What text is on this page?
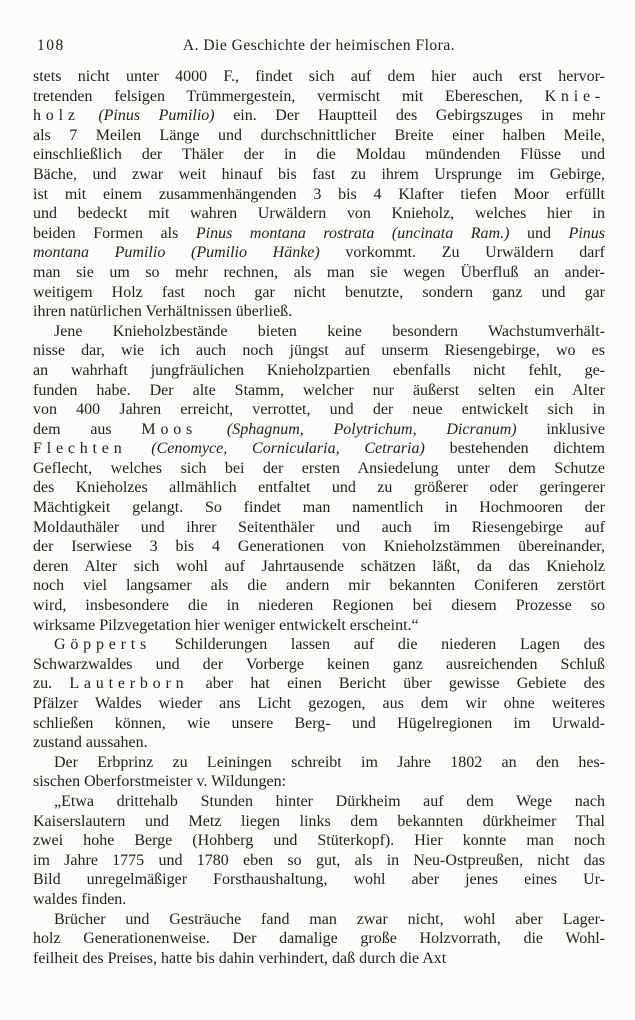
108	A. Die Geschichte der heimischen Flora.
stets nicht unter 4000 F., findet sich auf dem hier auch erst hervor-
tretenden felsigen Trümmergestein, vermischt mit Ebereschen, Knie-
holz (Pinus Pumilio) ein. Der Hauptteil des Gebirgszuges in mehr
als 7 Meilen Länge und durchschnittlicher Breite einer halben Meile,
einschließlich der Thäler der in die Moldau mündenden Flüsse und
Bäche, und zwar weit hinauf bis fast zu ihrem Ursprunge im Gebirge,
ist mit einem zusammenhängenden 3 bis 4 Klafter tiefen Moor erfüllt
und bedeckt mit wahren Urwäldern von Knieholz, welches hier in
beiden Formen als Pinus montana rostrata (uncinata Ram.) und Pinus
montana Pumilio (Pumilio Hänke) vorkommt. Zu Urwäldern darf
man sie um so mehr rechnen, als man sie wegen Überfluß an ander-
weitigem Holz fast noch gar nicht benutzte, sondern ganz und gar
ihren natürlichen Verhältnissen überließ.
Jene Knieholzbestände bieten keine besondern Wachstumverhält-
nisse dar, wie ich auch noch jüngst auf unserm Riesengebirge, wo es
an wahrhaft jungfräulichen Knieholzpartien ebenfalls nicht fehlt, ge-
funden habe. Der alte Stamm, welcher nur äußerst selten ein Alter
von 400 Jahren erreicht, verrottet, und der neue entwickelt sich in
dem aus Moos (Sphagnum, Polytrichum, Dicranum) inklusive
Flechten (Cenomyce, Cornicularia, Cetraria) bestehenden dichtem
Geflecht, welches sich bei der ersten Ansiedelung unter dem Schutze
des Knieholzes allmählich entfaltet und zu größerer oder geringerer
Mächtigkeit gelangt. So findet man namentlich in Hochmooren der
Moldauthäler und ihrer Seitenthäler und auch im Riesengebirge auf
der Iserwiese 3 bis 4 Generationen von Knieholzstämmen übereinander,
deren Alter sich wohl auf Jahrtausende schätzen läßt, da das Knieholz
noch viel langsamer als die andern mir bekannten Coniferen zerstört
wird, insbesondere die in niederen Regionen bei diesem Prozesse so
wirksame Pilzvegetation hier weniger entwickelt erscheint.“
Göpperts Schilderungen lassen auf die niederen Lagen des
Schwarzwaldes und der Vorberge keinen ganz ausreichenden Schluß
zu. Lauterborn aber hat einen Bericht über gewisse Gebiete des
Pfälzer Waldes wieder ans Licht gezogen, aus dem wir ohne weiteres
schließen können, wie unsere Berg- und Hügelregionen im Urwald-
zustand aussahen.
Der Erbprinz zu Leiningen schreibt im Jahre 1802 an den hes-
sischen Oberforstmeister v. Wildungen:
„Etwa drittehalb Stunden hinter Dürkheim auf dem Wege nach
Kaiserslautern und Metz liegen links dem bekannten dürkheimer Thal
zwei hohe Berge (Hohberg und Stüterkopf). Hier konnte man noch
im Jahre 1775 und 1780 eben so gut, als in Neu-Ostpreußen, nicht das
Bild unregelmäßiger Forsthaushaltung, wohl aber jenes eines Ur-
waldes finden.
Brücher und Gesträuche fand man zwar nicht, wohl aber Lager-
holz Generationenweise. Der damalige große Holzvorrath, die Wohl-
feilheit des Preises, hatte bis dahin verhindert, daß durch die Axt
